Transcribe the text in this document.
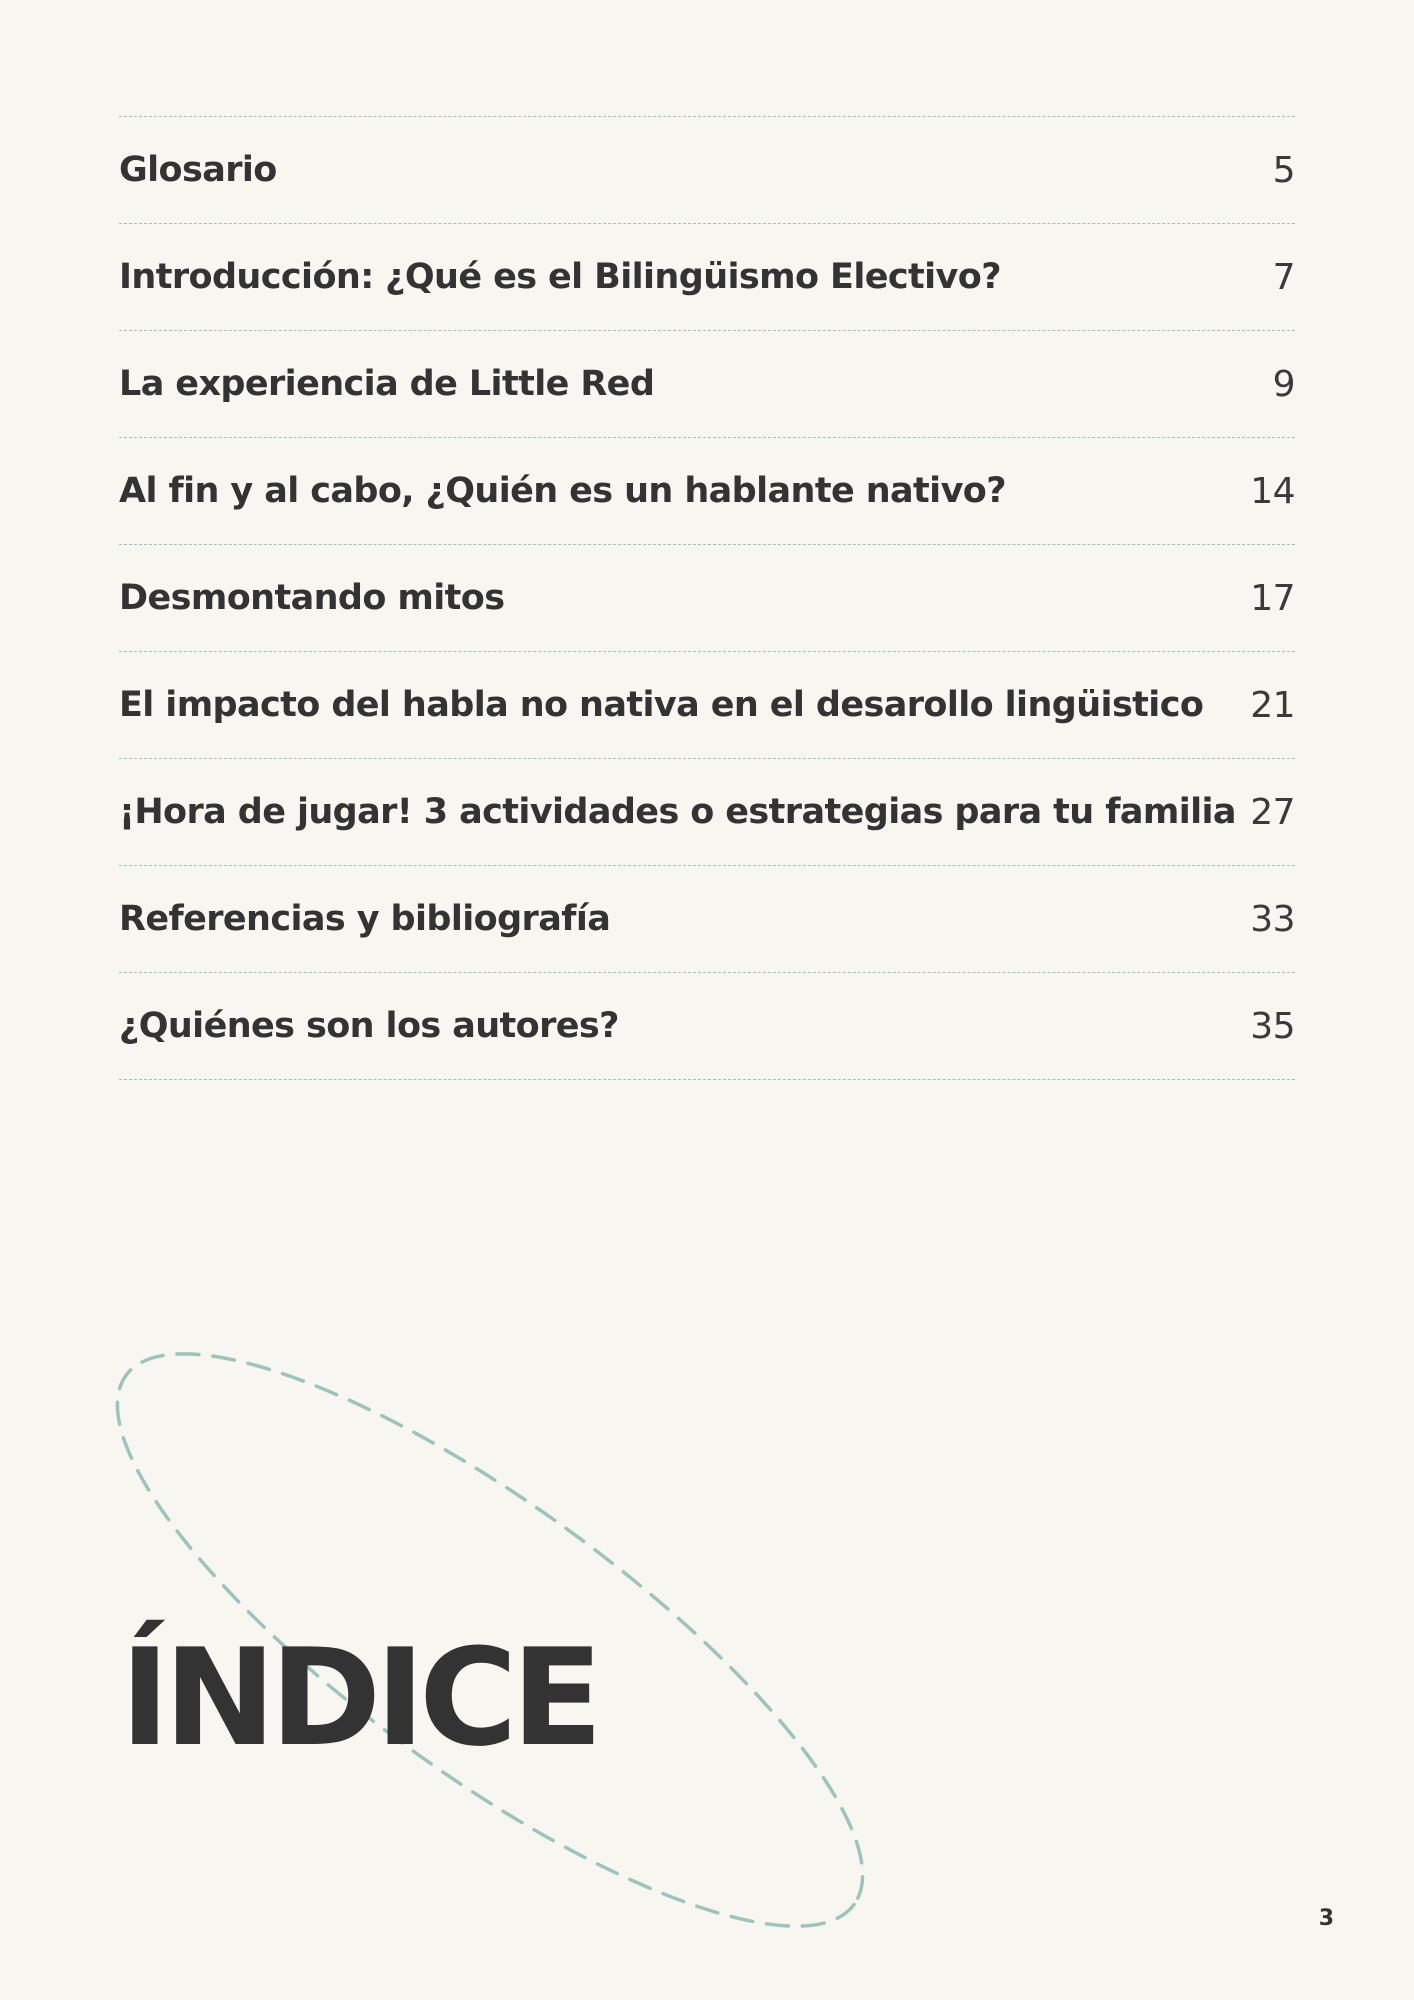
Glosario	5
Introducción: ¿Qué es el Bilingüismo Electivo?	7
La experiencia de Little Red	9
Al fin y al cabo, ¿Quién es un hablante nativo?	14
Desmontando mitos	17
El impacto del habla no nativa en el desarollo lingüistico 21
¡Hora de jugar! 3 actividades o estrategias para tu familia 27
Referencias y bibliografía	33
¿Quiénes son los autores?	35
ÍNDICE
3
